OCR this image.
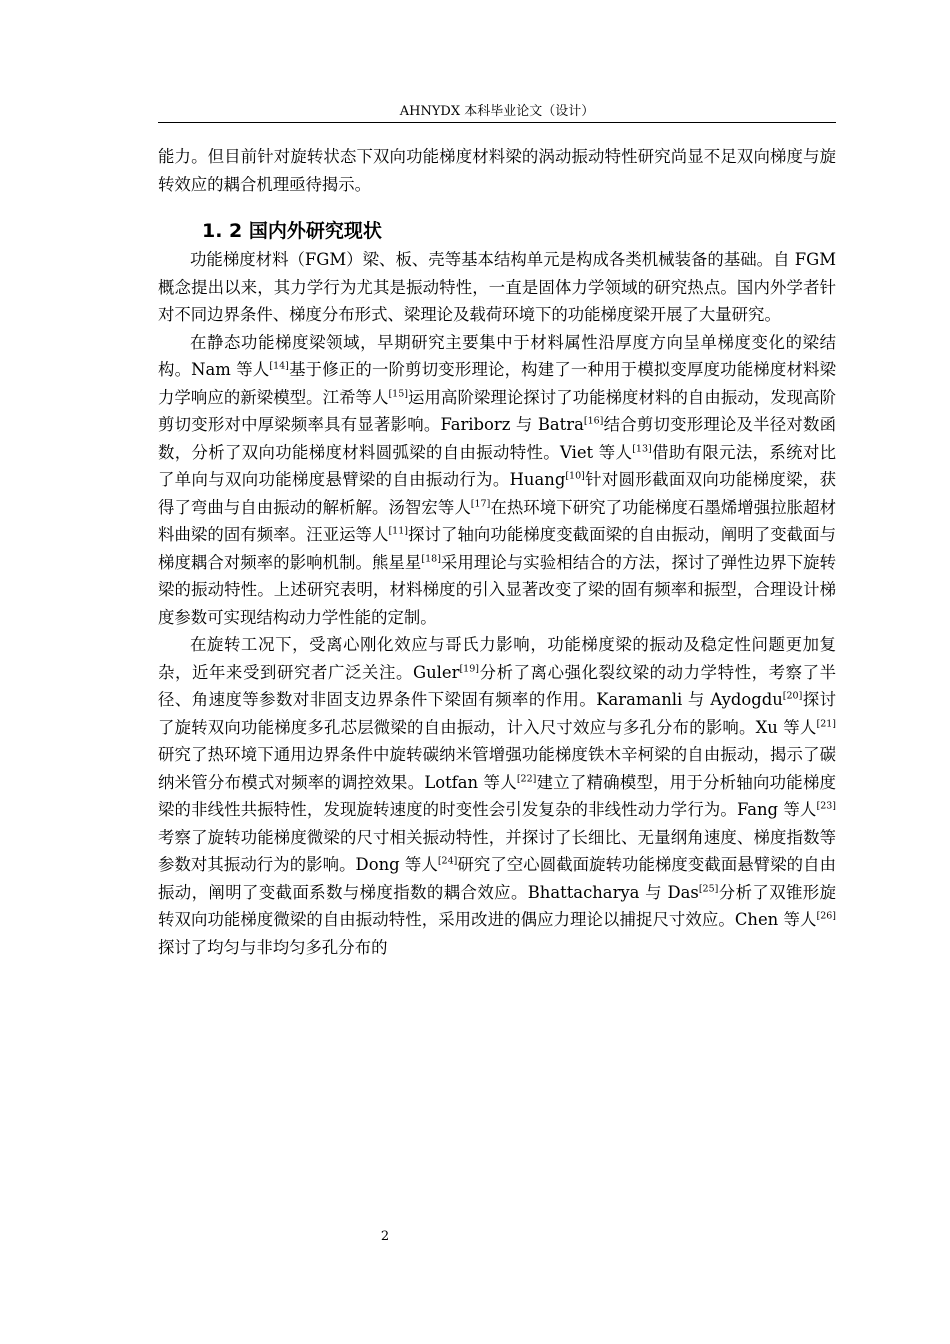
AHNYDX 本科毕业论文（设计）

能力。但目前针对旋转状态下双向功能梯度材料梁的涡动振动特性研究尚显不足双向梯度与旋转效应的耦合机理亟待揭示。

1. 2 国内外研究现状

功能梯度材料（FGM）梁、板、壳等基本结构单元是构成各类机械装备的基础。自 FGM 概念提出以来，其力学行为尤其是振动特性，一直是固体力学领域的研究热点。国内外学者针对不同边界条件、梯度分布形式、梁理论及载荷环境下的功能梯度梁开展了大量研究。

在静态功能梯度梁领域，早期研究主要集中于材料属性沿厚度方向呈单梯度变化的梁结构。Nam 等人[14]基于修正的一阶剪切变形理论，构建了一种用于模拟变厚度功能梯度材料梁力学响应的新梁模型。江希等人[15]运用高阶梁理论探讨了功能梯度材料的自由振动，发现高阶剪切变形对中厚梁频率具有显著影响。Fariborz 与 Batra[16]结合剪切变形理论及半径对数函数，分析了双向功能梯度材料圆弧梁的自由振动特性。Viet 等人[13]借助有限元法，系统对比了单向与双向功能梯度悬臂梁的自由振动行为。Huang[10]针对圆形截面双向功能梯度梁，获得了弯曲与自由振动的解析解。汤智宏等人[17]在热环境下研究了功能梯度石墨烯增强拉胀超材料曲梁的固有频率。汪亚运等人[11]探讨了轴向功能梯度变截面梁的自由振动，阐明了变截面与梯度耦合对频率的影响机制。熊星星[18]采用理论与实验相结合的方法，探讨了弹性边界下旋转梁的振动特性。上述研究表明，材料梯度的引入显著改变了梁的固有频率和振型，合理设计梯度参数可实现结构动力学性能的定制。

在旋转工况下，受离心刚化效应与哥氏力影响，功能梯度梁的振动及稳定性问题更加复杂，近年来受到研究者广泛关注。Guler[19]分析了离心强化裂纹梁的动力学特性，考察了半径、角速度等参数对非固支边界条件下梁固有频率的作用。Karamanli 与 Aydogdu[20]探讨了旋转双向功能梯度多孔芯层微梁的自由振动，计入尺寸效应与多孔分布的影响。Xu 等人[21]研究了热环境下通用边界条件中旋转碳纳米管增强功能梯度铁木辛柯梁的自由振动，揭示了碳纳米管分布模式对频率的调控效果。Lotfan 等人[22]建立了精确模型，用于分析轴向功能梯度梁的非线性共振特性，发现旋转速度的时变性会引发复杂的非线性动力学行为。Fang 等人[23]考察了旋转功能梯度微梁的尺寸相关振动特性，并探讨了长细比、无量纲角速度、梯度指数等参数对其振动行为的影响。Dong 等人[24]研究了空心圆截面旋转功能梯度变截面悬臂梁的自由振动，阐明了变截面系数与梯度指数的耦合效应。Bhattacharya 与 Das[25]分析了双锥形旋转双向功能梯度微梁的自由振动特性，采用改进的偶应力理论以捕捉尺寸效应。Chen 等人[26]探讨了均匀与非均匀多孔分布的

2
